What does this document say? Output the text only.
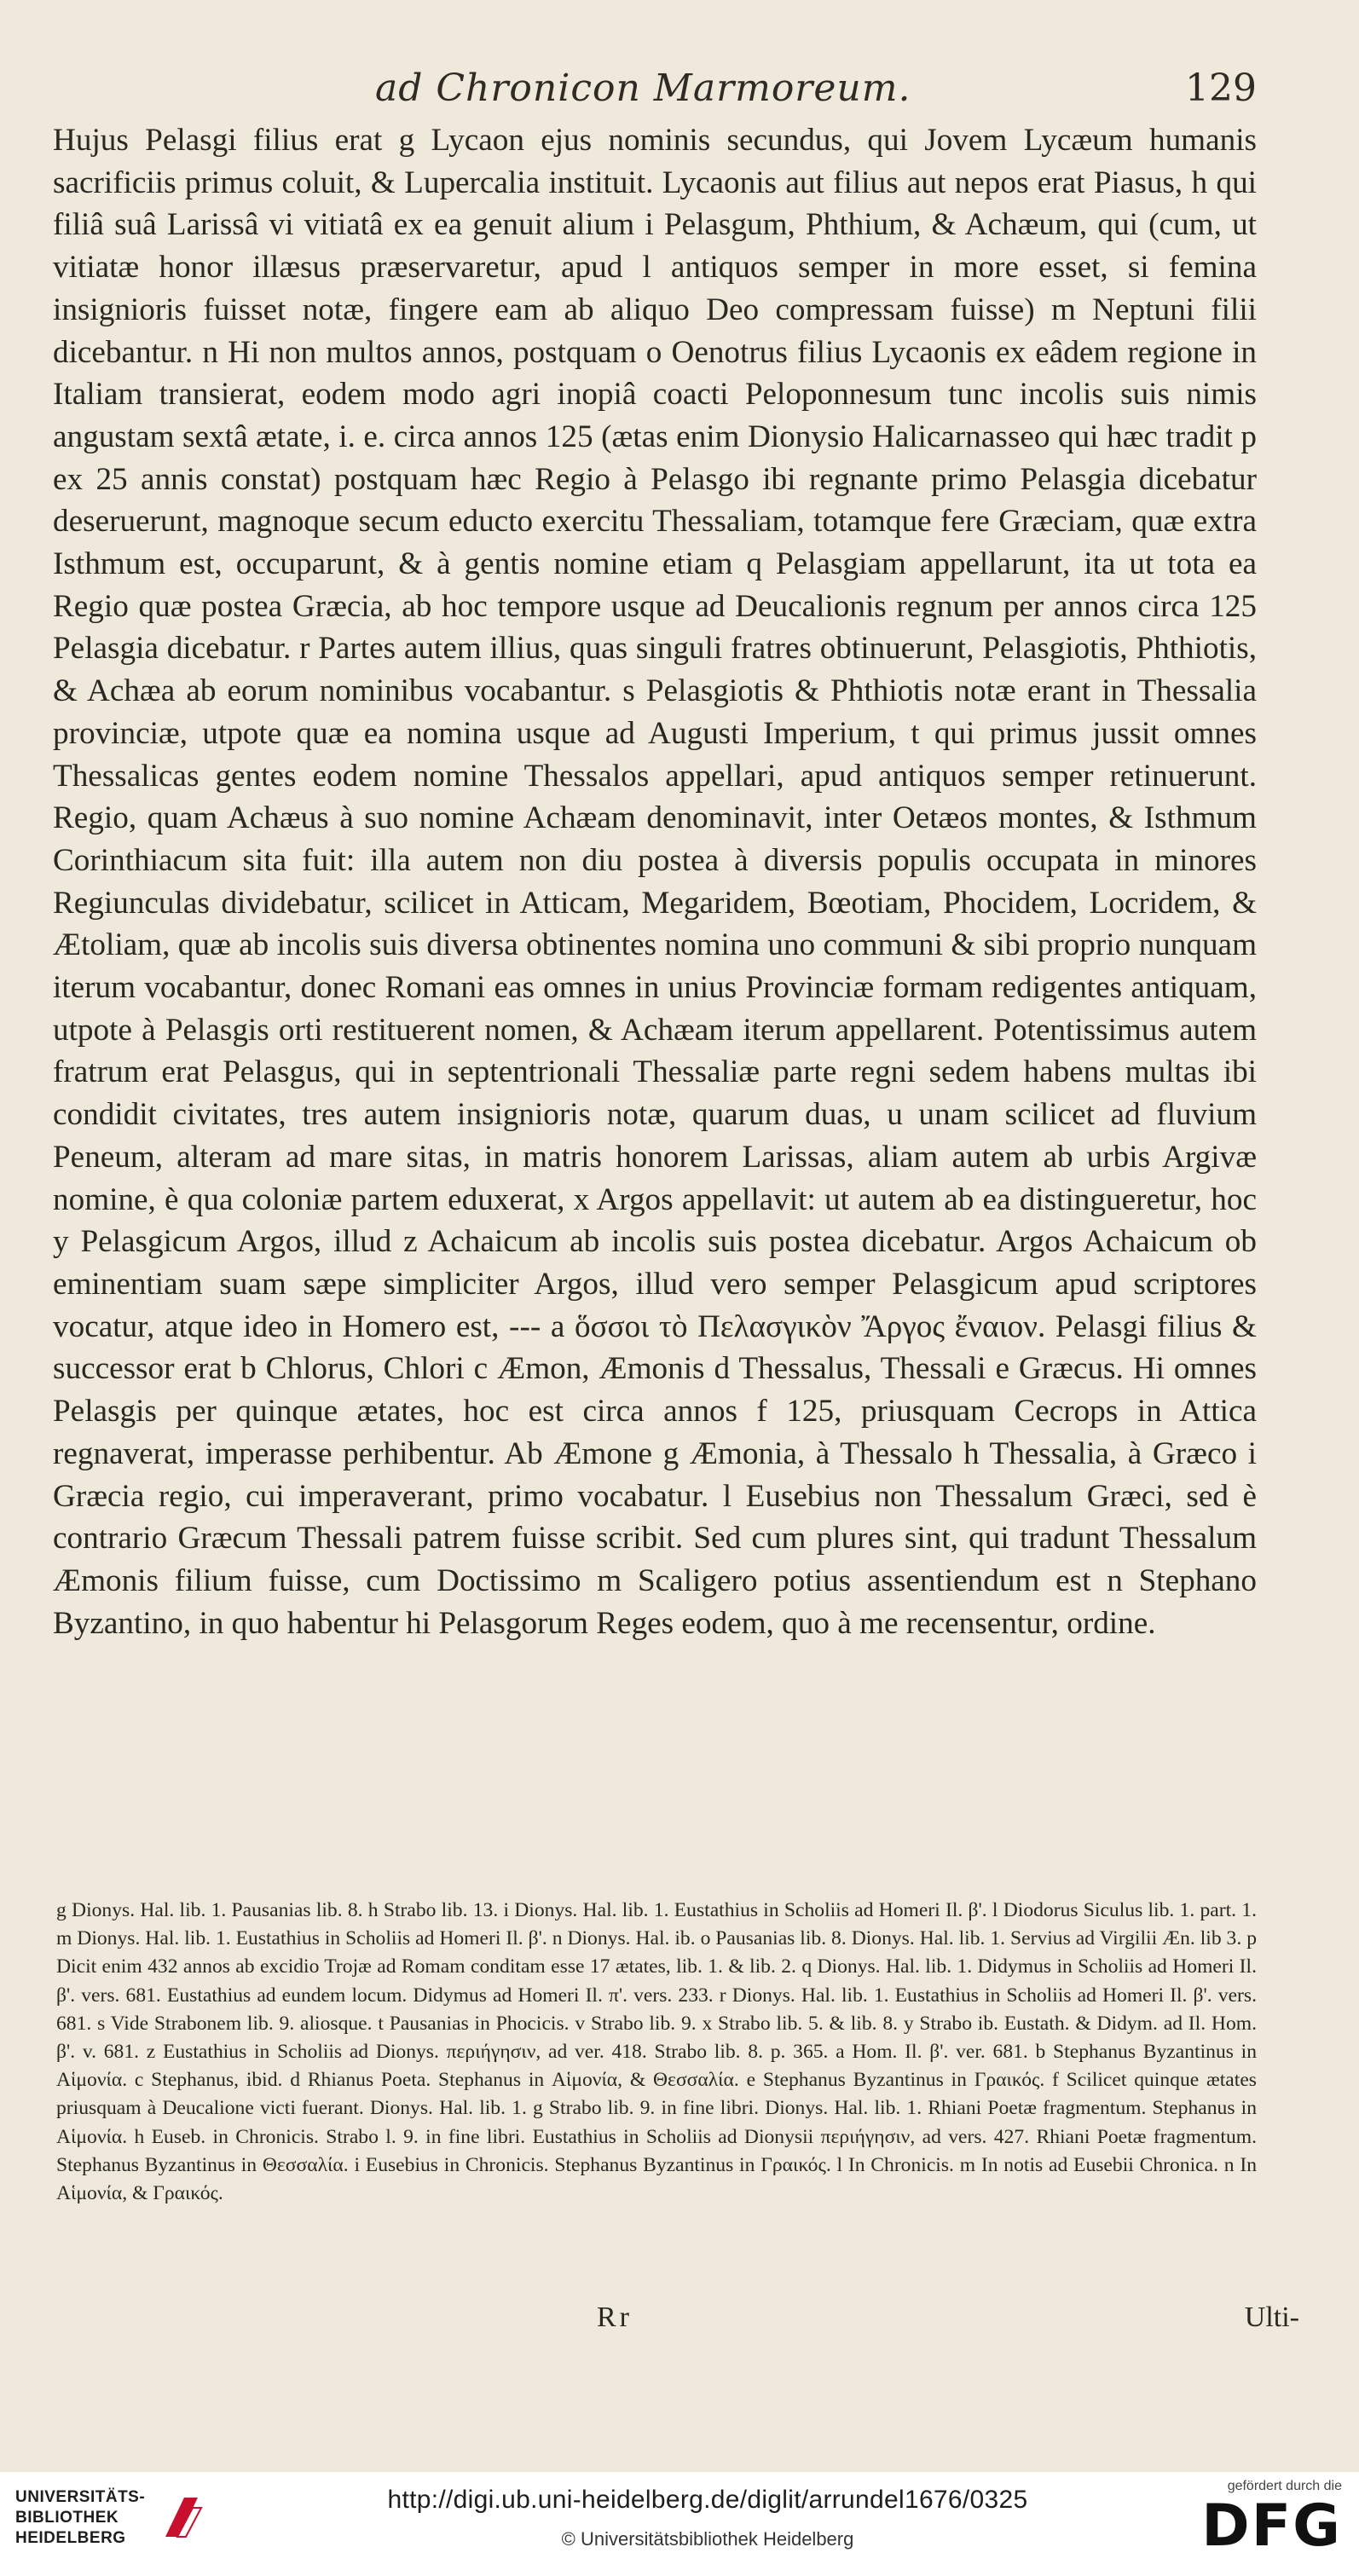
ad Chronicon Marmoreum.	129

Hujus Pelasgi filius erat g Lycaon ejus nominis secundus, qui Jovem Lycæum humanis sacrificiis primus coluit, & Lupercalia instituit. Lycaonis aut filius aut nepos erat Piasus, h qui filiâ suâ Larissâ vi vitiatâ ex ea genuit alium i Pelasgum, Phthium, & Achæum, qui (cum, ut vitiatæ honor illæsus præservaretur, apud l antiquos semper in more esset, si femina insignioris fuisset notæ, fingere eam ab aliquo Deo compressam fuisse) m Neptuni filii dicebantur. n Hi non multos annos, postquam o Oenotrus filius Lycaonis ex eâdem regione in Italiam transierat, eodem modo agri inopiâ coacti Peloponnesum tunc incolis suis nimis angustam sextâ ætate, i. e. circa annos 125 (ætas enim Dionysio Halicarnasseo qui hæc tradit p ex 25 annis constat) postquam hæc Regio à Pelasgo ibi regnante primo Pelasgia dicebatur deseruerunt, magnoque secum educto exercitu Thessaliam, totamque fere Græciam, quæ extra Isthmum est, occuparunt, & à gentis nomine etiam q Pelasgiam appellarunt, ita ut tota ea Regio quæ postea Græcia, ab hoc tempore usque ad Deucalionis regnum per annos circa 125 Pelasgia dicebatur. r Partes autem illius, quas singuli fratres obtinuerunt, Pelasgiotis, Phthiotis, & Achæa ab eorum nominibus vocabantur. s Pelasgiotis & Phthiotis notæ erant in Thessalia provinciæ, utpote quæ ea nomina usque ad Augusti Imperium, t qui primus jussit omnes Thessalicas gentes eodem nomine Thessalos appellari, apud antiquos semper retinuerunt. Regio, quam Achæus à suo nomine Achæam denominavit, inter Oetæos montes, & Isthmum Corinthiacum sita fuit: illa autem non diu postea à diversis populis occupata in minores Regiunculas dividebatur, scilicet in Atticam, Megaridem, Bœotiam, Phocidem, Locridem, & Ætoliam, quæ ab incolis suis diversa obtinentes nomina uno communi & sibi proprio nunquam iterum vocabantur, donec Romani eas omnes in unius Provinciæ formam redigentes antiquam, utpote à Pelasgis orti restituerent nomen, & Achæam iterum appellarent. Potentissimus autem fratrum erat Pelasgus, qui in septentrionali Thessaliæ parte regni sedem habens multas ibi condidit civitates, tres autem insignioris notæ, quarum duas, u unam scilicet ad fluvium Peneum, alteram ad mare sitas, in matris honorem Larissas, aliam autem ab urbis Argivæ nomine, è qua coloniæ partem eduxerat, x Argos appellavit: ut autem ab ea distingueretur, hoc y Pelasgicum Argos, illud z Achaicum ab incolis suis postea dicebatur. Argos Achaicum ob eminentiam suam sæpe simpliciter Argos, illud vero semper Pelasgicum apud scriptores vocatur, atque ideo in Homero est, --- a ὅσσοι τὸ Πελασγικὸν Ἄργος ἔναιον. Pelasgi filius & successor erat b Chlorus, Chlori c Æmon, Æmonis d Thessalus, Thessali e Græcus. Hi omnes Pelasgis per quinque ætates, hoc est circa annos f 125, priusquam Cecrops in Attica regnaverat, imperasse perhibentur. Ab Æmone g Æmonia, à Thessalo h Thessalia, à Græco i Græcia regio, cui imperaverant, primo vocabatur. l Eusebius non Thessalum Græci, sed è contrario Græcum Thessali patrem fuisse scribit. Sed cum plures sint, qui tradunt Thessalum Æmonis filium fuisse, cum Doctissimo m Scaligero potius assentiendum est n Stephano Byzantino, in quo habentur hi Pelasgorum Reges eodem, quo à me recensentur, ordine.

g Dionys. Hal. lib. 1. Pausanias lib. 8. h Strabo lib. 13. i Dionys. Hal. lib. 1. Eustathius in Scholiis ad Homeri Il. β'. l Diodorus Siculus lib. 1. part. 1. m Dionys. Hal. lib. 1. Eustathius in Scholiis ad Homeri Il. β'. n Dionys. Hal. ib. o Pausanias lib. 8. Dionys. Hal. lib. 1. Servius ad Virgilii Æn. lib 3. p Dicit enim 432 annos ab excidio Trojæ ad Romam conditam esse 17 ætates, lib. 1. & lib. 2. q Dionys. Hal. lib. 1. Didymus in Scholiis ad Homeri Il. β'. vers. 681. Eustathius ad eundem locum. Didymus ad Homeri Il. π'. vers. 233. r Dionys. Hal. lib. 1. Eustathius in Scholiis ad Homeri Il. β'. vers. 681. s Vide Strabonem lib. 9. aliosque. t Pausanias in Phocicis. v Strabo lib. 9. x Strabo lib. 5. & lib. 8. y Strabo ib. Eustath. & Didym. ad Il. Hom. β'. v. 681. z Eustathius in Scholiis ad Dionys. περιήγησιν, ad ver. 418. Strabo lib. 8. p. 365. a Hom. Il. β'. ver. 681. b Stephanus Byzantinus in Αἱμονία. c Stephanus, ibid. d Rhianus Poeta. Stephanus in Αἱμονία, & Θεσσαλία. e Stephanus Byzantinus in Γραικός. f Scilicet quinque ætates priusquam à Deucalione victi fuerant. Dionys. Hal. lib. 1. g Strabo lib. 9. in fine libri. Dionys. Hal. lib. 1. Rhiani Poetæ fragmentum. Stephanus in Αἱμονία. h Euseb. in Chronicis. Strabo l. 9. in fine libri. Eustathius in Scholiis ad Dionysii περιήγησιν, ad vers. 427. Rhiani Poetæ fragmentum. Stephanus Byzantinus in Θεσσαλία. i Eusebius in Chronicis. Stephanus Byzantinus in Γραικός. l In Chronicis. m In notis ad Eusebii Chronica. n In Αἱμονία, & Γραικός.

Rr	Ulti-
UNIVERSITÄTS-
BIBLIOTHEK
HEIDELBERG
http://digi.ub.uni-heidelberg.de/diglit/arrundel1676/0325
© Universitätsbibliothek Heidelberg
gefördert durch die
DFG
